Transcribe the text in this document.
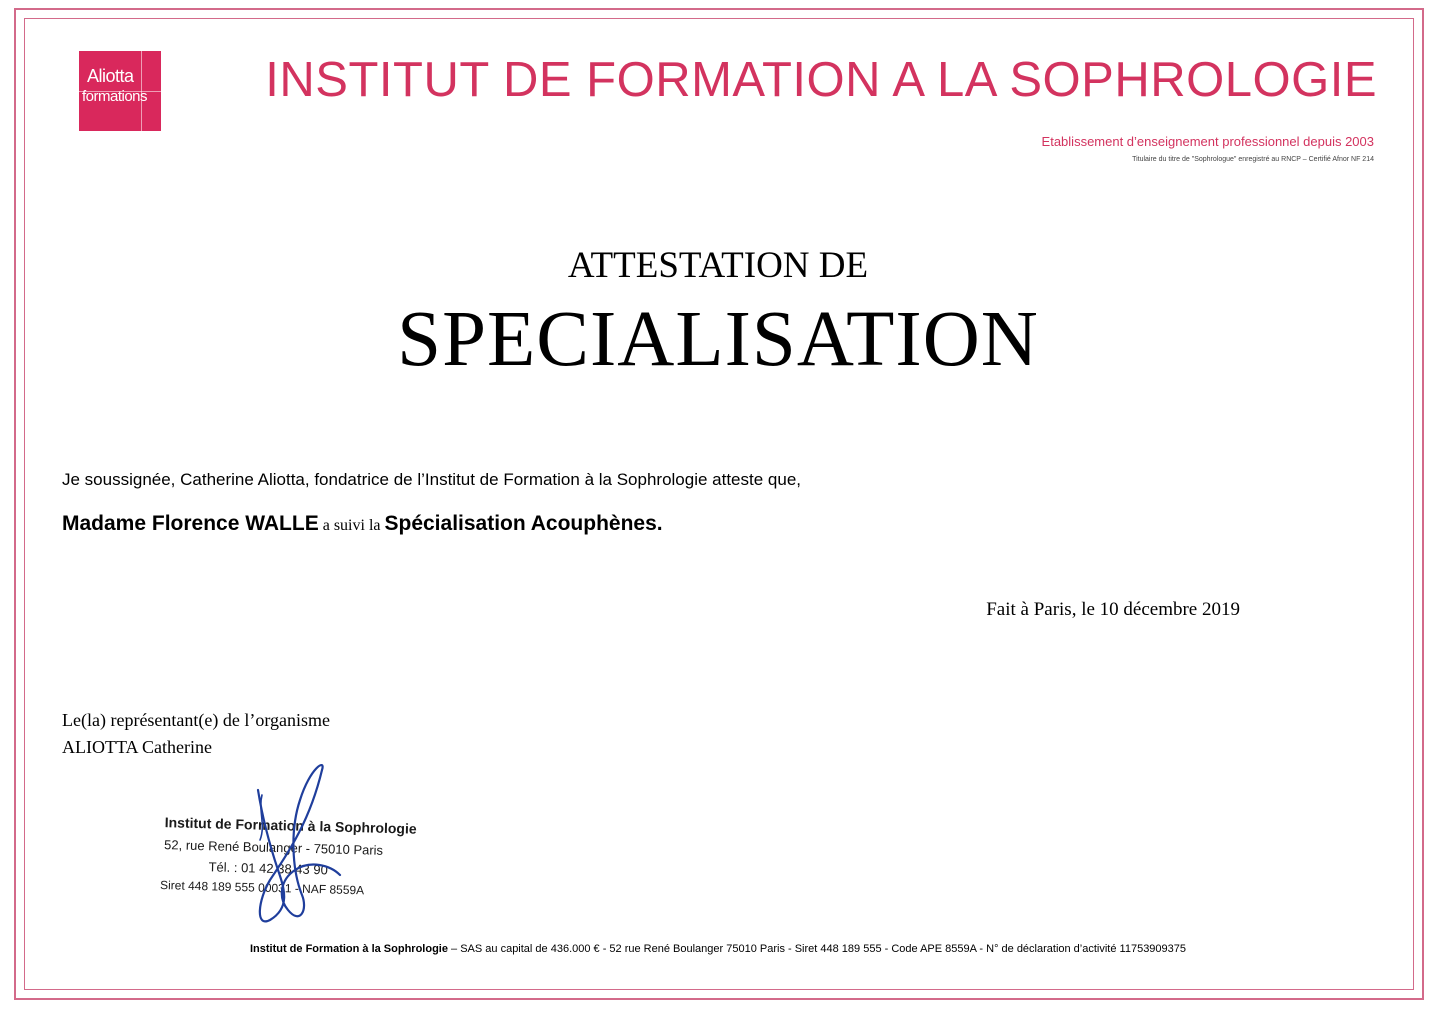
Aliotta
formations	INSTITUT DE FORMATION A LA SOPHROLOGIE
Etablissement d’enseignement professionnel depuis 2003
Titulaire du titre de "Sophrologue" enregistré au RNCP – Certifié Afnor NF 214
ATTESTATION DE
SPECIALISATION
Je soussignée, Catherine Aliotta, fondatrice de l’Institut de Formation à la Sophrologie atteste que,
Madame Florence WALLE a suivi la Spécialisation Acouphènes.
Fait à Paris, le 10 décembre 2019
Le(la) représentant(e) de l’organisme
ALIOTTA Catherine
Institut de Formation à la Sophrologie
52, rue René Boulanger - 75010 Paris
Tél. : 01 42 38 43 90
Siret 448 189 555 00031 - NAF 8559A
Institut de Formation à la Sophrologie – SAS au capital de 436.000 € - 52 rue René Boulanger 75010 Paris - Siret 448 189 555 - Code APE 8559A - N° de déclaration d’activité 11753909375
